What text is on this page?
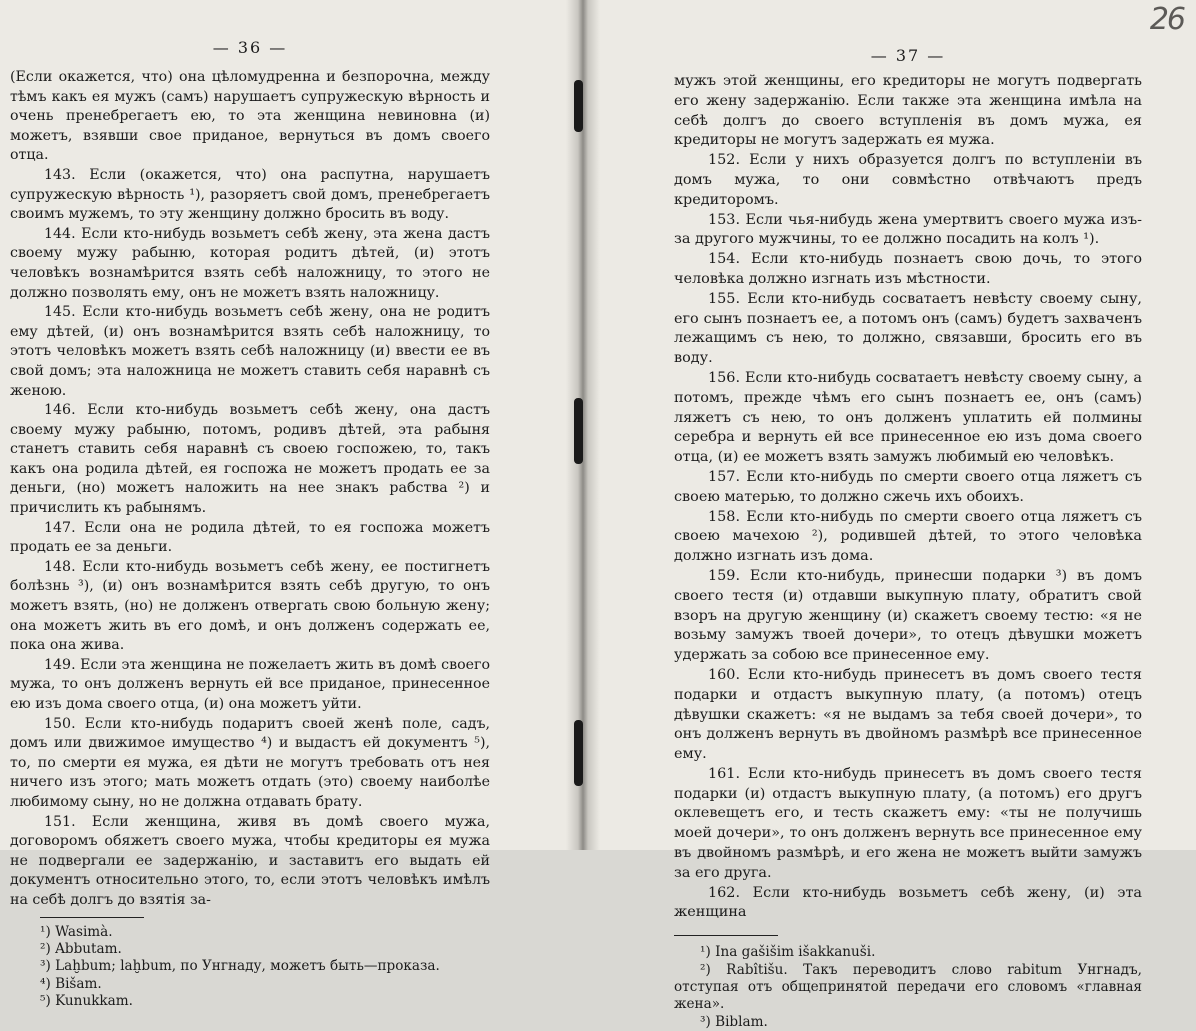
— 36 —

(Если окажется, что) она цѣломудренна и безпорочна, между тѣмъ какъ ея мужъ (самъ) нарушаетъ супружескую вѣрность и очень пренебрегаетъ ею, то эта женщина невиновна (и) можетъ, взявши свое приданое, вернуться въ домъ своего отца.

143. Если (окажется, что) она распутна, нарушаетъ супружескую вѣрность ¹), разоряетъ свой домъ, пренебрегаетъ своимъ мужемъ, то эту женщину должно бросить въ воду.

144. Если кто-нибудь возьметъ себѣ жену, эта жена дастъ своему мужу рабыню, которая родитъ дѣтей, (и) этотъ человѣкъ вознамѣрится взять себѣ наложницу, то этого не должно позволять ему, онъ не можетъ взять наложницу.

145. Если кто-нибудь возьметъ себѣ жену, она не родитъ ему дѣтей, (и) онъ вознамѣрится взять себѣ наложницу, то этотъ человѣкъ можетъ взять себѣ наложницу (и) ввести ее въ свой домъ; эта наложница не можетъ ставить себя наравнѣ съ женою.

146. Если кто-нибудь возьметъ себѣ жену, она дастъ своему мужу рабыню, потомъ, родивъ дѣтей, эта рабыня станетъ ставить себя наравнѣ съ своею госпожею, то, такъ какъ она родила дѣтей, ея госпожа не можетъ продать ее за деньги, (но) можетъ наложить на нее знакъ рабства ²) и причислить къ рабынямъ.

147. Если она не родила дѣтей, то ея госпожа можетъ продать ее за деньги.

148. Если кто-нибудь возьметъ себѣ жену, ее постигнетъ болѣзнь ³), (и) онъ вознамѣрится взять себѣ другую, то онъ можетъ взять, (но) не долженъ отвергать свою больную жену; она можетъ жить въ его домѣ, и онъ долженъ содержать ее, пока она жива.

149. Если эта женщина не пожелаетъ жить въ домѣ своего мужа, то онъ долженъ вернуть ей все приданое, принесенное ею изъ дома своего отца, (и) она можетъ уйти.

150. Если кто-нибудь подаритъ своей женѣ поле, садъ, домъ или движимое имущество ⁴) и выдастъ ей документъ ⁵), то, по смерти ея мужа, ея дѣти не могутъ требовать отъ нея ничего изъ этого; мать можетъ отдать (это) своему наиболѣе любимому сыну, но не должна отдавать брату.

151. Если женщина, живя въ домѣ своего мужа, договоромъ обяжетъ своего мужа, чтобы кредиторы ея мужа не подвергали ее задержанію, и заставитъ его выдать ей документъ относительно этого, то, если этотъ человѣкъ имѣлъ на себѣ долгъ до взятія за-

¹) Wasimà.

²) Abbutam.

³) Laḫbum; laḫbum, по Унгнаду, можетъ быть—проказа.

⁴) Bišam.

⁵) Kunukkam.

26
— 37 —

мужъ этой женщины, его кредиторы не могутъ подвергать его жену задержанію. Если также эта женщина имѣла на себѣ долгъ до своего вступленія въ домъ мужа, ея кредиторы не могутъ задержать ея мужа.

152. Если у нихъ образуется долгъ по вступленіи въ домъ мужа, то они совмѣстно отвѣчаютъ предъ кредиторомъ.

153. Если чья-нибудь жена умертвитъ своего мужа изъ-за другого мужчины, то ее должно посадить на колъ ¹).

154. Если кто-нибудь познаетъ свою дочь, то этого человѣка должно изгнать изъ мѣстности.

155. Если кто-нибудь сосватаетъ невѣсту своему сыну, его сынъ познаетъ ее, а потомъ онъ (самъ) будетъ захваченъ лежащимъ съ нею, то должно, связавши, бросить его въ воду.

156. Если кто-нибудь сосватаетъ невѣсту своему сыну, а потомъ, прежде чѣмъ его сынъ познаетъ ее, онъ (самъ) ляжетъ съ нею, то онъ долженъ уплатить ей полмины серебра и вернуть ей все принесенное ею изъ дома своего отца, (и) ее можетъ взять замужъ любимый ею человѣкъ.

157. Если кто-нибудь по смерти своего отца ляжетъ съ своею матерью, то должно сжечь ихъ обоихъ.

158. Если кто-нибудь по смерти своего отца ляжетъ съ своею мачехою ²), родившей дѣтей, то этого человѣка должно изгнать изъ дома.

159. Если кто-нибудь, принесши подарки ³) въ домъ своего тестя (и) отдавши выкупную плату, обратитъ свой взоръ на другую женщину (и) скажетъ своему тестю: «я не возьму замужъ твоей дочери», то отецъ дѣвушки можетъ удержать за собою все принесенное ему.

160. Если кто-нибудь принесетъ въ домъ своего тестя подарки и отдастъ выкупную плату, (а потомъ) отецъ дѣвушки скажетъ: «я не выдамъ за тебя своей дочери», то онъ долженъ вернуть въ двойномъ размѣрѣ все принесенное ему.

161. Если кто-нибудь принесетъ въ домъ своего тестя подарки (и) отдастъ выкупную плату, (а потомъ) его другъ оклевещетъ его, и тесть скажетъ ему: «ты не получишь моей дочери», то онъ долженъ вернуть все принесенное ему въ двойномъ размѣрѣ, и его жена не можетъ выйти замужъ за его друга.

162. Если кто-нибудь возьметъ себѣ жену, (и) эта женщина

¹) Ina gašišim išakkanuši.

²) Rabîtišu. Такъ переводитъ слово rabitum Унгнадъ, отступая отъ общепринятой передачи его словомъ «главная жена».

³) Biblam.
